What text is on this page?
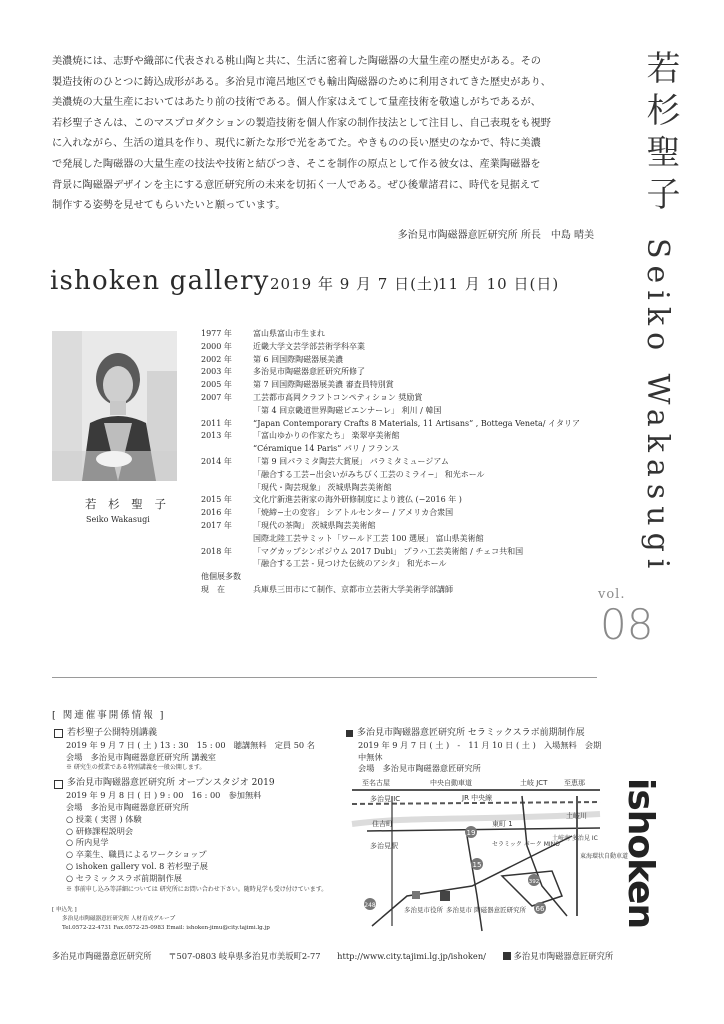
美濃焼には、志野や織部に代表される桃山陶と共に、生活に密着した陶磁器の大量生産の歴史がある。その

製造技術のひとつに鋳込成形がある。多治見市滝呂地区でも輸出陶磁器のために利用されてきた歴史があり、

美濃焼の大量生産においてはあたり前の技術である。個人作家はえてして量産技術を敬遠しがちであるが、

若杉聖子さんは、このマスプロダクションの製造技術を個人作家の制作技法として注目し、自己表現をも視野

に入れながら、生活の道具を作り、現代に新たな形で光をあてた。やきものの長い歴史のなかで、特に美濃

で発展した陶磁器の大量生産の技法や技術と結びつき、そこを制作の原点として作る彼女は、産業陶磁器を

背景に陶磁器デザインを主にする意匠研究所の未来を切拓く一人である。ぜひ後輩諸君に、時代を見据えて

制作する姿勢を見せてもらいたいと願っています。

多治見市陶磁器意匠研究所 所長　中島 晴美
若杉聖子
Seiko Wakasugi
vol.
08
ishoken gallery 2019 年 9 月 7 日(土)
11 月 10 日(日)
若 杉 聖 子
Seiko Wakasugi
1977 年	富山県富山市生まれ
2000 年	近畿大学文芸学部芸術学科卒業
2002 年	第 6 回国際陶磁器展美濃
2003 年	多治見市陶磁器意匠研究所修了
2005 年	第 7 回国際陶磁器展美濃 審査員特別賞
2007 年	工芸都市高岡クラフトコンペティション 奨励賞
「第 4 回京畿道世界陶磁ビエンナーレ」 利川 / 韓国
2011 年	“Japan Contemporary Crafts 8 Materials, 11 Artisans” , Bottega Veneta/ イタリア
2013 年	「富山ゆかりの作家たち」 楽翠亭美術館
“Céramique 14 Paris” パリ / フランス
2014 年	「第 9 回パラミタ陶芸大賞展」 パラミタミュージアム
「融合する工芸−出会いがみちびく工芸のミライ−」 和光ホール
「現代・陶芸現象」 茨城県陶芸美術館
2015 年	文化庁新進芸術家の海外研修制度により渡仏 (−2016 年 )
2016 年	「焼締−土の変容」 シアトルセンター / アメリカ合衆国
2017 年	「現代の茶陶」 茨城県陶芸美術館
国際北陸工芸サミット「ワールド工芸 100 選展」 富山県美術館
2018 年	「マグカップシンポジウム 2017 Dubi」 プラハ工芸美術館 / チェコ共和国
「融合する工芸 - 見つけた伝統のアシタ」 和光ホール
他個展多数
現　在	兵庫県三田市にて制作、京都市立芸術大学美術学部講師
[ 関連催事開係情報 ]
若杉聖子公開特別講義
2019 年 9 月 7 日 ( 土 ) 13 : 30　15 : 00　聴講無料　定員 50 名
会場　多治見市陶磁器意匠研究所 講義室
※ 研究生の授業である特別講義を一般公開します。
多治見市陶磁器意匠研究所 オープンスタジオ 2019
2019 年 9 月 8 日 ( 日 ) 9 : 00　16 : 00　参加無料
会場　多治見市陶磁器意匠研究所
○ 授業 ( 実習 ) 体験
○ 研修課程説明会
○ 所内見学
○ 卒業生、職員によるワークショップ
○ ishoken gallery vol. 8 若杉聖子展
○ セラミックスラボ前期制作展
※ 事前申し込み等詳細については 研究所にお問い合わせ下さい。随時見学も受け付けています。
[ 申込先 ]
多治見市陶磁器意匠研究所 人材育成グループ
Tel.0572-22-4731 Fax.0572-25-0983 Email: ishoken-jimu@city.tajimi.lg.jp
多治見市陶磁器意匠研究所 セラミックスラボ前期制作展
2019 年 9 月 7 日 ( 土 )　-　11 月 10 日 ( 土 )　入場無料　会期中無休
会場　多治見市陶磁器意匠研究所
19
248
15
66
392
至名古屋	中央自動車道	土岐 JCT 至恵那
多治見 IC	JR 中央線
住吉町	東町 1
土岐川
多治見駅	セラミック パーク MINO
土岐南 多治見 IC
東海環状自動車道
多治見市役所 多治見市 陶磁器意匠研究所	ishoken
多治見市陶磁器意匠研究所 〒507-0803 岐阜県多治見市美坂町2-77 http://www.city.tajimi.lg.jp/ishoken/	多治見市陶磁器意匠研究所
